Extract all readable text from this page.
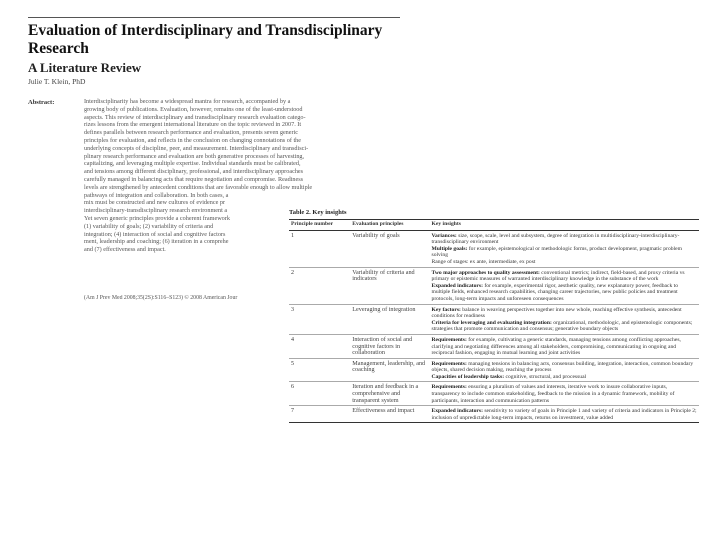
Evaluation of Interdisciplinary and Transdisciplinary Research
A Literature Review
Julie T. Klein, PhD
Abstract:	Interdisciplinarity has become a widespread mantra for research, accompanied by a
growing body of publications. Evaluation, however, remains one of the least-understood
aspects. This review of interdisciplinary and transdisciplinary research evaluation catego-
rizes lessons from the emergent international literature on the topic reviewed in 2007. It
defines parallels between research performance and evaluation, presents seven generic
principles for evaluation, and reflects in the conclusion on changing connotations of the
underlying concepts of discipline, peer, and measurement. Interdisciplinary and transdisci-
plinary research performance and evaluation are both generative processes of harvesting,
capitalizing, and leveraging multiple expertise. Individual standards must be calibrated,
and tensions among different disciplinary, professional, and interdisciplinary approaches
carefully managed in balancing acts that require negotiation and compromise. Readiness
levels are strengthened by antecedent conditions that are favorable enough to allow multiple
pathways of integration and collaboration. In both cases, a
mix must be constructed and new cultures of evidence pr
interdisciplinary-transdisciplinary research environment a
Yet seven generic principles provide a coherent framework
(1) variability of goals; (2) variability of criteria and
integration; (4) interaction of social and cognitive factors
ment, leadership and coaching; (6) iteration in a comprehe
and (7) effectiveness and impact.
(Am J Prev Med 2008;35(2S):S116–S123) © 2008 American Jour
Table 2. Key insights
Principle number	Evaluation principles	Key insights
1	Variability of goals	Variances: size, scope, scale, level and subsystem, degree of integration in multidisciplinary-interdisciplinary-transdisciplinary environment
Multiple goals: for example, epistemological or methodologic forms, product development, pragmatic problem solving
Range of stages: ex ante, intermediate, ex post

2	Variability of criteria and indicators	Two major approaches to quality assessment: conventional metrics; indirect, field-based, and proxy criteria vs primary or epistemic measures of warranted interdisciplinary knowledge in the substance of the work
Expanded indicators: for example, experimental rigor, aesthetic quality, new explanatory power, feedback to multiple fields, enhanced research capabilities, changing career trajectories, new public policies and treatment protocols, long-term impacts and unforeseen consequences

3	Leveraging of integration	Key factors: balance in weaving perspectives together into new whole, reaching effective synthesis, antecedent conditions for readiness
Criteria for leveraging and evaluating integration: organizational, methodologic, and epistemologic components; strategies that promote communication and consensus; generative boundary objects

4	Interaction of social and cognitive factors in collaboration	Requirements: for example, cultivating a generic standards, managing tensions among conflicting approaches, clarifying and negotiating differences among all stakeholders, compromising, communicating in ongoing and reciprocal fashion, engaging in mutual learning and joint activities

5	Management, leadership, and coaching	Requirements: managing tensions in balancing acts, consensus building, integration, interaction, common boundary objects, shared decision making, reaching the process
Capacities of leadership tasks: cognitive, structural, and processual

6	Iteration and feedback in a comprehensive and transparent system	Requirements: ensuring a pluralism of values and interests, iterative work to insure collaborative inputs, transparency to include common stakeholding, feedback to the mission in a dynamic framework, mobility of participants, interaction and communication patterns

7	Effectiveness and impact	Expanded indicators: sensitivity to variety of goals in Principle 1 and variety of criteria and indicators in Principle 2; inclusion of unpredictable long-term impacts, returns on investment, value added
